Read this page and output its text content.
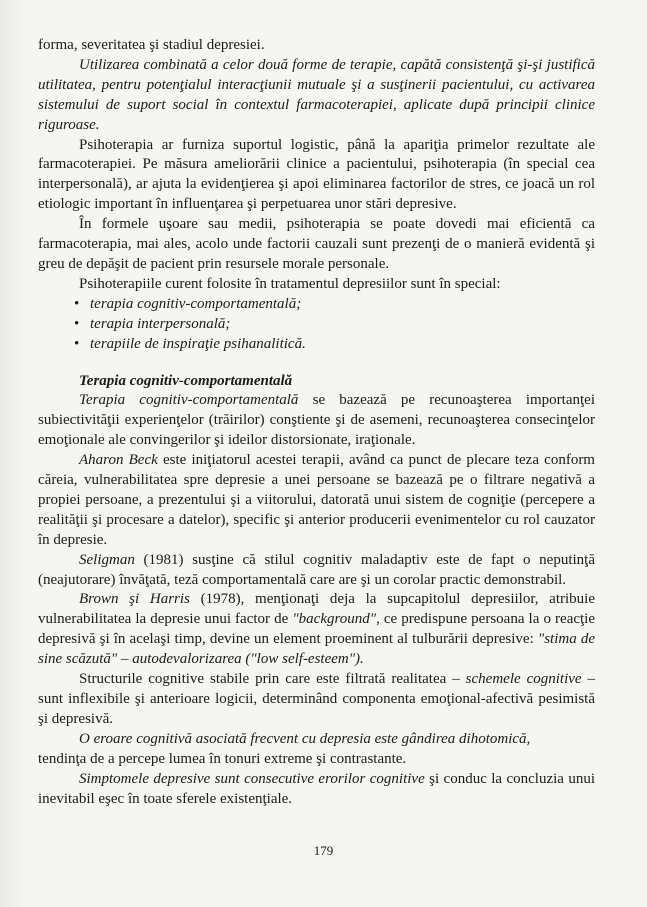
forma, severitatea şi stadiul depresiei.

Utilizarea combinată a celor două forme de terapie, capătă consistenţă şi-şi justifică utilitatea, pentru potenţialul interacţiunii mutuale şi a susţinerii pacientului, cu activarea sistemului de suport social în contextul farmacoterapiei, aplicate după principii clinice riguroase.

Psihoterapia ar furniza suportul logistic, până la apariţia primelor rezultate ale farmacoterapiei. Pe măsura ameliorării clinice a pacientului, psihoterapia (în special cea interpersonală), ar ajuta la evidenţierea şi apoi eliminarea factorilor de stres, ce joacă un rol etiologic important în influenţarea şi perpetuarea unor stări depresive.

În formele uşoare sau medii, psihoterapia se poate dovedi mai eficientă ca farmacoterapia, mai ales, acolo unde factorii cauzali sunt prezenţi de o manieră evidentă şi greu de depăşit de pacient prin resursele morale personale.

Psihoterapiile curent folosite în tratamentul depresiilor sunt în special:

• terapia cognitiv-comportamentală;
• terapia interpersonală;
• terapiile de inspiraţie psihanalitică.

Terapia cognitiv-comportamentală

Terapia cognitiv-comportamentală se bazează pe recunoaşterea importanţei subiectivităţii experienţelor (trăirilor) conştiente şi de asemeni, recunoaşterea consecinţelor emoţionale ale convingerilor şi ideilor distorsionate, iraţionale.

Aharon Beck este iniţiatorul acestei terapii, având ca punct de plecare teza conform căreia, vulnerabilitatea spre depresie a unei persoane se bazează pe o filtrare negativă a propiei persoane, a prezentului şi a viitorului, datorată unui sistem de cogniţie (percepere a realităţii şi procesare a datelor), specific şi anterior producerii evenimentelor cu rol cauzator în depresie.

Seligman (1981) susţine că stilul cognitiv maladaptiv este de fapt o neputinţă (neajutorare) învăţată, teză comportamentală care are şi un corolar practic demonstrabil.

Brown şi Harris (1978), menţionaţi deja la supcapitolul depresiilor, atribuie vulnerabilitatea la depresie unui factor de "background", ce predispune persoana la o reacţie depresivă şi în acelaşi timp, devine un element proeminent al tulburării depresive: "stima de sine scăzută" – autodevalorizarea ("low self-esteem").

Structurile cognitive stabile prin care este filtrată realitatea – schemele cognitive – sunt inflexibile şi anterioare logicii, determinând componenta emoţional-afectivă pesimistă şi depresivă.

O eroare cognitivă asociată frecvent cu depresia este gândirea dihotomică,

tendinţa de a percepe lumea în tonuri extreme şi contrastante.

Simptomele depresive sunt consecutive erorilor cognitive şi conduc la concluzia unui inevitabil eşec în toate sferele existenţiale.

179
